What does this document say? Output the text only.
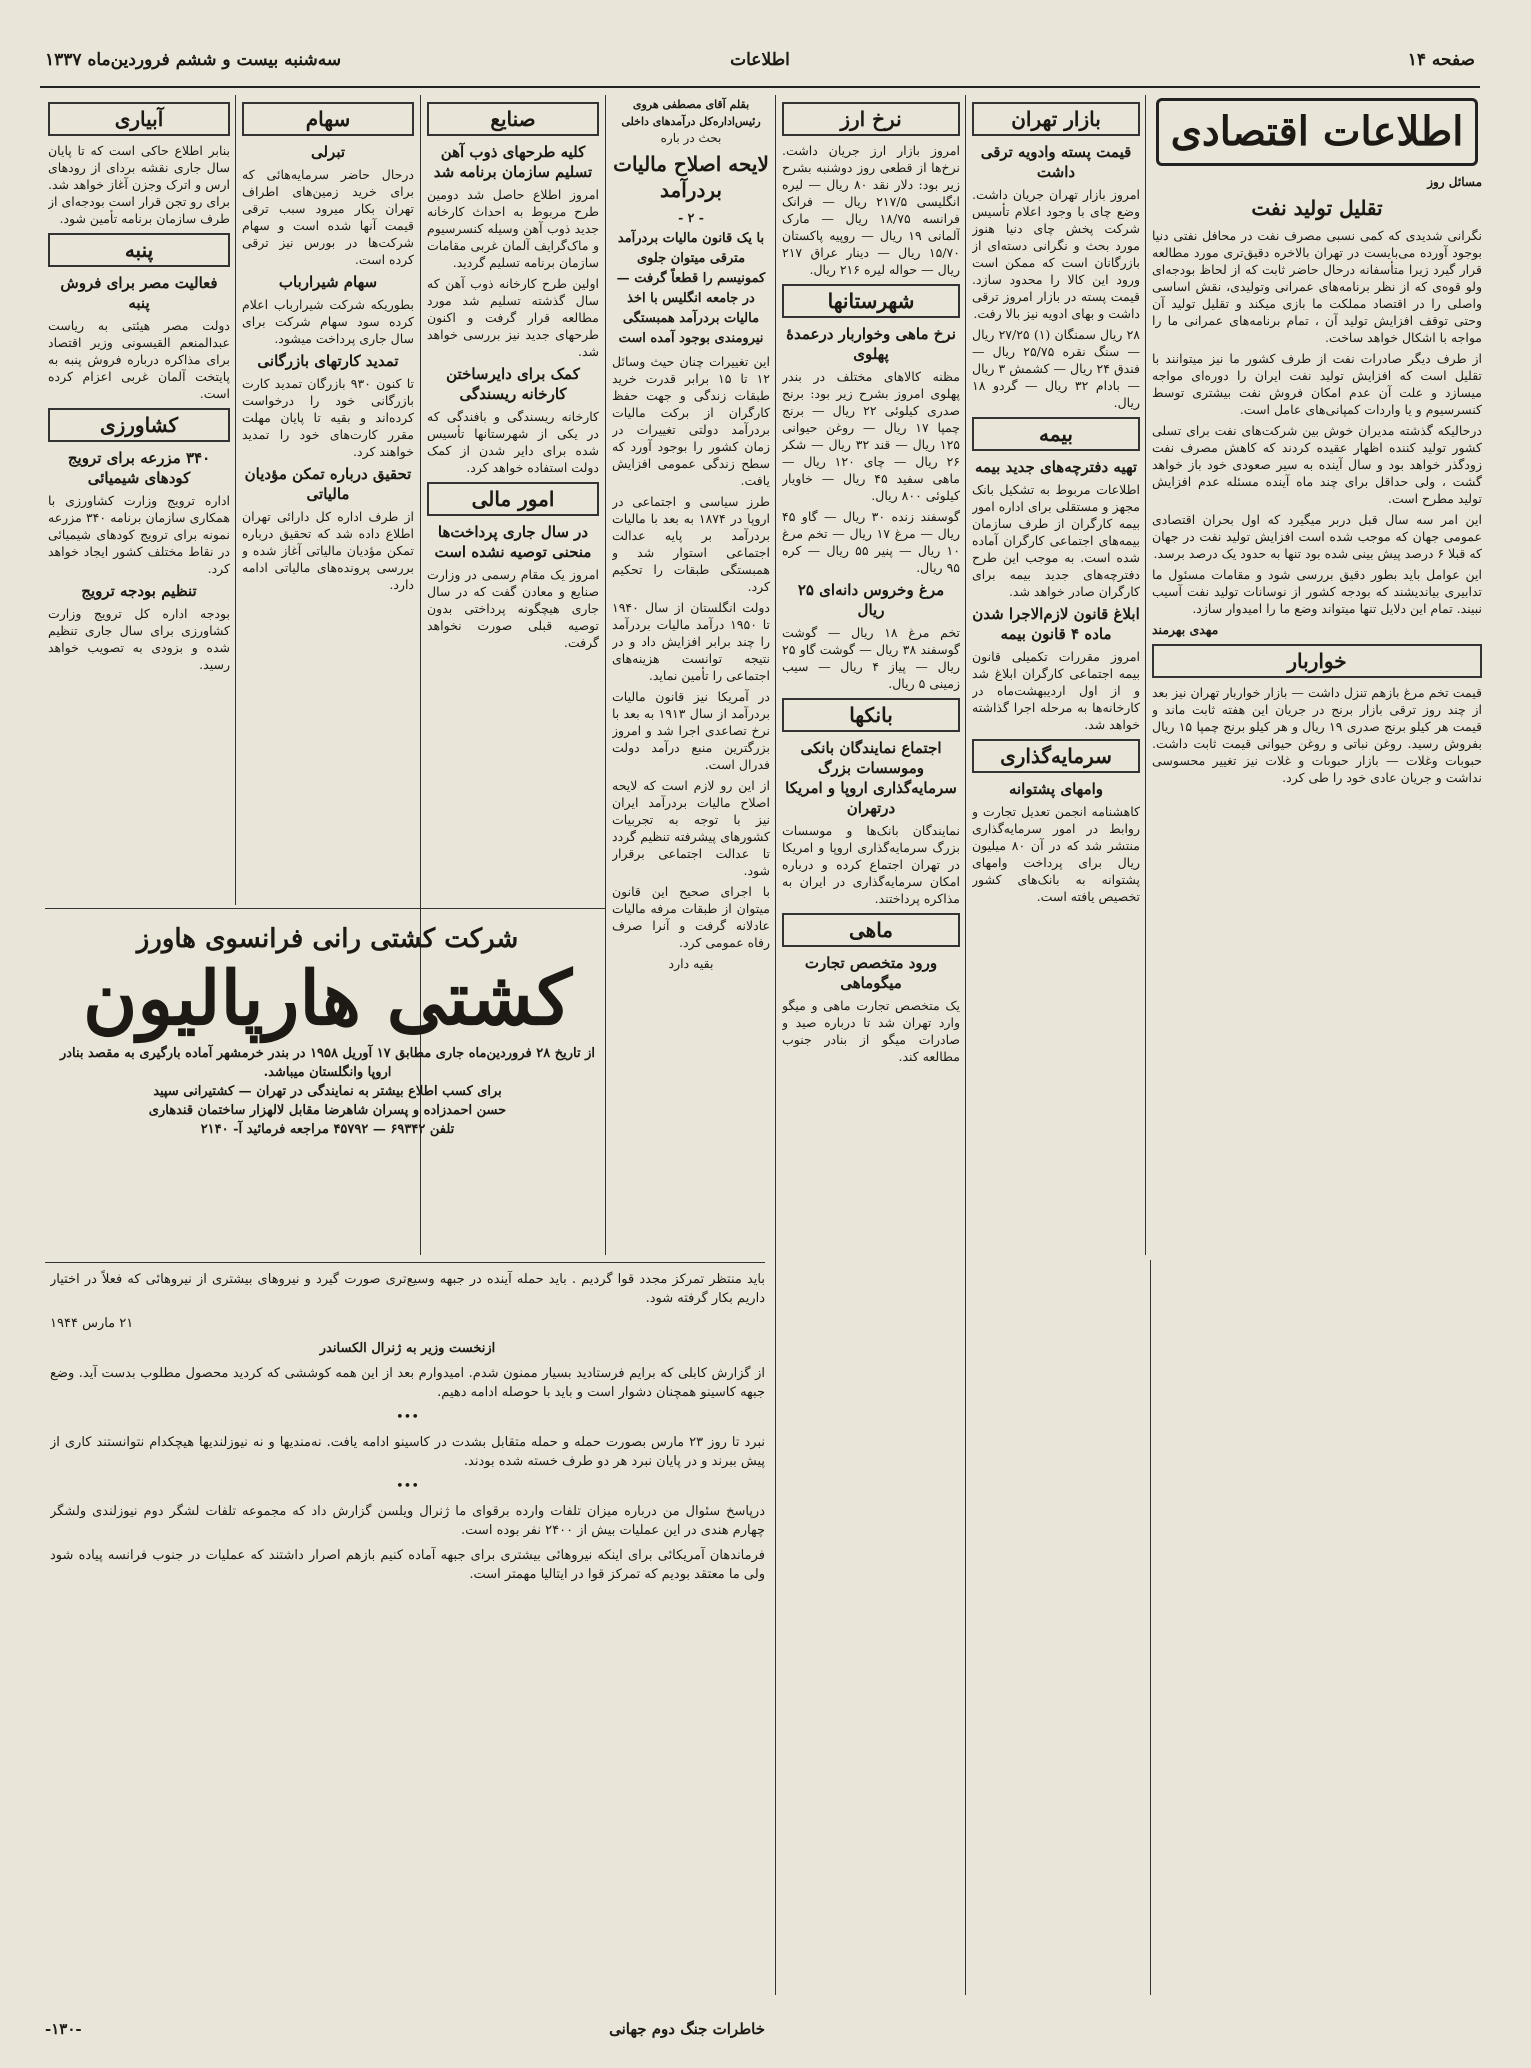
صفحه ۱۴
اطلاعات
سه‌شنبه بیست و ششم فروردین‌ماه ۱۳۳۷
اطلاعات اقتصادی
مسائل روز
تقلیل تولید نفت

نگرانی شدیدی که کمی نسبی مصرف نفت در محافل نفتی دنیا بوجود آورده می‌بایست در تهران بالاخره دقیق‌تری مورد مطالعه قرار گیرد زیرا متأسفانه درحال حاضر ثابت که از لحاظ بودجه‌ای ولو قوه‌ی که از نظر برنامه‌های عمرانی وتولیدی، نقش اساسی واصلی را در اقتصاد مملکت ما بازی میکند و تقلیل تولید آن وحتی توقف افزایش تولید آن ، تمام برنامه‌های عمرانی ما را مواجه با اشکال خواهد ساخت.

از طرف دیگر صادرات نفت از طرف کشور ما نیز میتوانند با تقلیل است که افزایش تولید نفت ایران را دوره‌ای مواجه میسازد و علت آن عدم امکان فروش نفت بیشتری توسط کنسرسیوم و یا واردات کمپانی‌های عامل است.

درحالیکه گذشته مدیران خوش بین شرکت‌های نفت برای تسلی کشور تولید کننده اظهار عقیده کردند که کاهش مصرف نفت زودگذر خواهد بود و سال آینده به سیر صعودی خود باز خواهد گشت ، ولی حداقل برای چند ماه آینده مسئله عدم افزایش تولید مطرح است.

این امر سه سال قبل دربر میگیرد که اول بحران اقتصادی عمومی جهان که موجب شده است افزایش تولید نفت در جهان که قبلا ۶ درصد پیش بینی شده بود تنها به حدود یک درصد برسد.

این عوامل باید بطور دقیق بررسی شود و مقامات مسئول ما تدابیری بیاندیشند که بودجه کشور از نوسانات تولید نفت آسیب نبیند. تمام این دلایل تنها میتواند وضع ما را امیدوار سازد.

مهدی بهرمند

خواربار

قیمت تخم مرغ بازهم تنزل داشت — بازار خواربار تهران نیز بعد از چند روز ترقی بازار برنج در جریان این هفته ثابت ماند و قیمت هر کیلو برنج صدری ۱۹ ریال و هر کیلو برنج چمپا ۱۵ ریال بفروش رسید. روغن نباتی و روغن حیوانی قیمت ثابت داشت. حبوبات وغلات — بازار حبوبات و غلات نیز تغییر محسوسی نداشت و جریان عادی خود را طی کرد.

بازار تهران
قیمت پسته وادویه ترقی داشت

امروز بازار تهران جریان داشت. وضع چای با وجود اعلام تأسیس شرکت پخش چای دنیا هنوز مورد بحث و نگرانی دسته‌ای از بازرگانان است که ممکن است ورود این کالا را محدود سازد. قیمت پسته در بازار امروز ترقی داشت و بهای ادویه نیز بالا رفت.

۲۸ ریال سمنگان (۱) ۲۷/۲۵ ریال — سنگ نقره ۲۵/۷۵ ریال — فندق ۲۴ ریال — کشمش ۳ ریال — بادام ۳۲ ریال — گردو ۱۸ ریال.

بیمه
تهیه دفترچه‌های جدید بیمه

اطلاعات مربوط به تشکیل بانک مجهز و مستقلی برای اداره امور بیمه کارگران از طرف سازمان بیمه‌های اجتماعی کارگران آماده شده است. به موجب این طرح دفترچه‌های جدید بیمه برای کارگران صادر خواهد شد.

ابلاغ قانون لازم‌الاجرا شدن ماده ۴ قانون بیمه

امروز مقررات تکمیلی قانون بیمه اجتماعی کارگران ابلاغ شد و از اول اردیبهشت‌ماه در کارخانه‌ها به مرحله اجرا گذاشته خواهد شد.

سرمایه‌گذاری
وامهای پشتوانه

کاهشنامه انجمن تعدیل تجارت و روابط در امور سرمایه‌گذاری منتشر شد که در آن ۸۰ میلیون ریال برای پرداخت وامهای پشتوانه به بانک‌های کشور تخصیص یافته است.

نرخ ارز

امروز بازار ارز جریان داشت. نرخ‌ها از قطعی روز دوشنبه بشرح زیر بود: دلار نقد ۸۰ ریال — لیره انگلیسی ۲۱۷/۵ ریال — فرانک فرانسه ۱۸/۷۵ ریال — مارک آلمانی ۱۹ ریال — روپیه پاکستان ۱۵/۷۰ ریال — دینار عراق ۲۱۷ ریال — حواله لیره ۲۱۶ ریال.

شهرستانها
نرخ ماهی وخواربار درعمدۀ پهلوی

مظنه کالاهای مختلف در بندر پهلوی امروز بشرح زیر بود: برنج صدری کیلوئی ۲۲ ریال — برنج چمپا ۱۷ ریال — روغن حیوانی ۱۲۵ ریال — قند ۳۲ ریال — شکر ۲۶ ریال — چای ۱۲۰ ریال — ماهی سفید ۴۵ ریال — خاویار کیلوئی ۸۰۰ ریال.

گوسفند زنده ۳۰ ریال — گاو ۴۵ ریال — مرغ ۱۷ ریال — تخم مرغ ۱۰ ریال — پنیر ۵۵ ریال — کره ۹۵ ریال.

مرغ وخروس دانه‌ای ۲۵ ریال

تخم مرغ ۱۸ ریال — گوشت گوسفند ۳۸ ریال — گوشت گاو ۲۵ ریال — پیاز ۴ ریال — سیب زمینی ۵ ریال.

بانکها
اجتماع نمایندگان بانکی وموسسات بزرگ سرمایه‌گذاری اروپا و امریکا درتهران

نمایندگان بانک‌ها و موسسات بزرگ سرمایه‌گذاری اروپا و امریکا در تهران اجتماع کرده و درباره امکان سرمایه‌گذاری در ایران به مذاکره پرداختند.

ماهی
ورود متخصص تجارت میگوماهی

یک متخصص تجارت ماهی و میگو وارد تهران شد تا درباره صید و صادرات میگو از بنادر جنوب مطالعه کند.

بقلم آقای مصطفی هروی رئیس‌اداره‌کل درآمدهای داخلی
بحث در باره
لایحه اصلاح مالیات بردرآمد
- ۲ -
با یک قانون مالیات بردرآمد مترقی میتوان جلوی کمونیسم را قطعاً گرفت — در جامعه انگلیس با اخذ مالیات بردرآمد همبستگی نیرومندی بوجود آمده است

این تغییرات چنان حیث وسائل ۱۲ تا ۱۵ برابر قدرت خرید طبقات زندگی و جهت حفظ کارگران از برکت مالیات بردرآمد دولتی تغییرات در زمان کشور را بوجود آورد که سطح زندگی عمومی افزایش یافت.

طرز سیاسی و اجتماعی در اروپا در ۱۸۷۴ به بعد با مالیات بردرآمد بر پایه عدالت اجتماعی استوار شد و همبستگی طبقات را تحکیم کرد.

دولت انگلستان از سال ۱۹۴۰ تا ۱۹۵۰ درآمد مالیات بردرآمد را چند برابر افزایش داد و در نتیجه توانست هزینه‌های اجتماعی را تأمین نماید.

در آمریکا نیز قانون مالیات بردرآمد از سال ۱۹۱۳ به بعد با نرخ تصاعدی اجرا شد و امروز بزرگترین منبع درآمد دولت فدرال است.

از این رو لازم است که لایحه اصلاح مالیات بردرآمد ایران نیز با توجه به تجربیات کشورهای پیشرفته تنظیم گردد تا عدالت اجتماعی برقرار شود.

با اجرای صحیح این قانون میتوان از طبقات مرفه مالیات عادلانه گرفت و آنرا صرف رفاه عمومی کرد.

بقیه دارد

صنایع
کلیه طرحهای ذوب آهن تسلیم سازمان برنامه شد

امروز اطلاع حاصل شد دومین طرح مربوط به احداث کارخانه جدید ذوب آهن وسیله کنسرسیوم و ماک‌گرایف آلمان غربی مقامات سازمان برنامه تسلیم گردید.

اولین طرح کارخانه ذوب آهن که سال گذشته تسلیم شد مورد مطالعه قرار گرفت و اکنون طرحهای جدید نیز بررسی خواهد شد.

کمک برای دایرساختن کارخانه ریسندگی

کارخانه ریسندگی و بافندگی که در یکی از شهرستانها تأسیس شده برای دایر شدن از کمک دولت استفاده خواهد کرد.

امور مالی
در سال جاری پرداخت‌ها منحنی توصیه نشده است

امروز یک مقام رسمی در وزارت صنایع و معادن گفت که در سال جاری هیچگونه پرداختی بدون توصیه قبلی صورت نخواهد گرفت.

سهام
تبرلی

درحال حاضر سرمایه‌هائی که برای خرید زمین‌های اطراف تهران بکار میرود سبب ترقی قیمت آنها شده است و سهام شرکت‌ها در بورس نیز ترقی کرده است.

سهام شیرارباب

بطوریکه شرکت شیرارباب اعلام کرده سود سهام شرکت برای سال جاری پرداخت میشود.

تمدید کارتهای بازرگانی

تا کنون ۹۳۰ بازرگان تمدید کارت بازرگانی خود را درخواست کرده‌اند و بقیه تا پایان مهلت مقرر کارت‌های خود را تمدید خواهند کرد.

تحقیق درباره تمکن مؤدیان مالیاتی

از طرف اداره کل دارائی تهران اطلاع داده شد که تحقیق درباره تمکن مؤدیان مالیاتی آغاز شده و بررسی پرونده‌های مالیاتی ادامه دارد.

آبیاری

بنابر اطلاع حاکی است که تا پایان سال جاری نقشه بردای از رودهای ارس و اترک وجزن آغاز خواهد شد. برای رو تجن قرار است بودجه‌ای از طرف سازمان برنامه تأمین شود.

پنبه
فعالیت مصر برای فروش پنبه

دولت مصر هیئتی به ریاست عبدالمنعم القیسونی وزیر اقتصاد برای مذاکره درباره فروش پنبه به پایتخت آلمان غربی اعزام کرده است.

کشاورزی
۳۴۰ مزرعه برای ترویج کودهای شیمیائی

اداره ترویج وزارت کشاورزی با همکاری سازمان برنامه ۳۴۰ مزرعه نمونه برای ترویج کودهای شیمیائی در نقاط مختلف کشور ایجاد خواهد کرد.

تنظیم بودجه ترویج

بودجه اداره کل ترویج وزارت کشاورزی برای سال جاری تنظیم شده و بزودی به تصویب خواهد رسید.

شرکت کشتی رانی فرانسوی هاورز
کشتی هارپالیون
از تاریخ ۲۸ فروردین‌ماه جاری مطابق ۱۷ آوریل ۱۹۵۸ در بندر خرمشهر آماده بارگیری به مقصد بنادر اروپا وانگلستان میباشد.
برای کسب اطلاع بیشتر به نمایندگی در تهران — کشتیرانی سپید
حسن احمدزاده و پسران شاهرضا مقابل لالهزار ساختمان قندهاری
تلفن ۶۹۳۴۲ — ۴۵۷۹۲ مراجعه فرمائید آ- ۲۱۴۰

باید منتظر تمرکز مجدد قوا گردیم . باید حمله آینده در جبهه وسیع‌تری صورت گیرد و نیروهای بیشتری از نیروهائی که فعلاً در اختیار داریم بکار گرفته شود.

۲۱ مارس ۱۹۴۴

ازنخست وزیر به ژنرال الکساندر

از گزارش کابلی که برایم فرستادید بسیار ممنون شدم. امیدوارم بعد از این همه کوششی که کردید محصول مطلوب بدست آید. وضع جبهه کاسینو همچنان دشوار است و باید با حوصله ادامه دهیم.

•••

نبرد تا روز ۲۳ مارس بصورت حمله و حمله متقابل بشدت در کاسینو ادامه یافت. نه‌مندیها و نه نیوزلندیها هیچکدام نتوانستند کاری از پیش ببرند و در پایان نبرد هر دو طرف خسته شده بودند.

•••

درپاسخ سئوال من درباره میزان تلفات وارده برقوای ما ژنرال ویلسن گزارش داد که مجموعه تلفات لشگر دوم نیوزلندی ولشگر چهارم هندی در این عملیات بیش از ۲۴۰۰ نفر بوده است.

فرماندهان آمریکائی برای اینکه نیروهائی بیشتری برای جبهه آماده کنیم بازهم اصرار داشتند که عملیات در جنوب فرانسه پیاده شود ولی ما معتقد بودیم که تمرکز قوا در ایتالیا مهمتر است.

خاطرات جنگ دوم جهانی
-۱۳۰-
